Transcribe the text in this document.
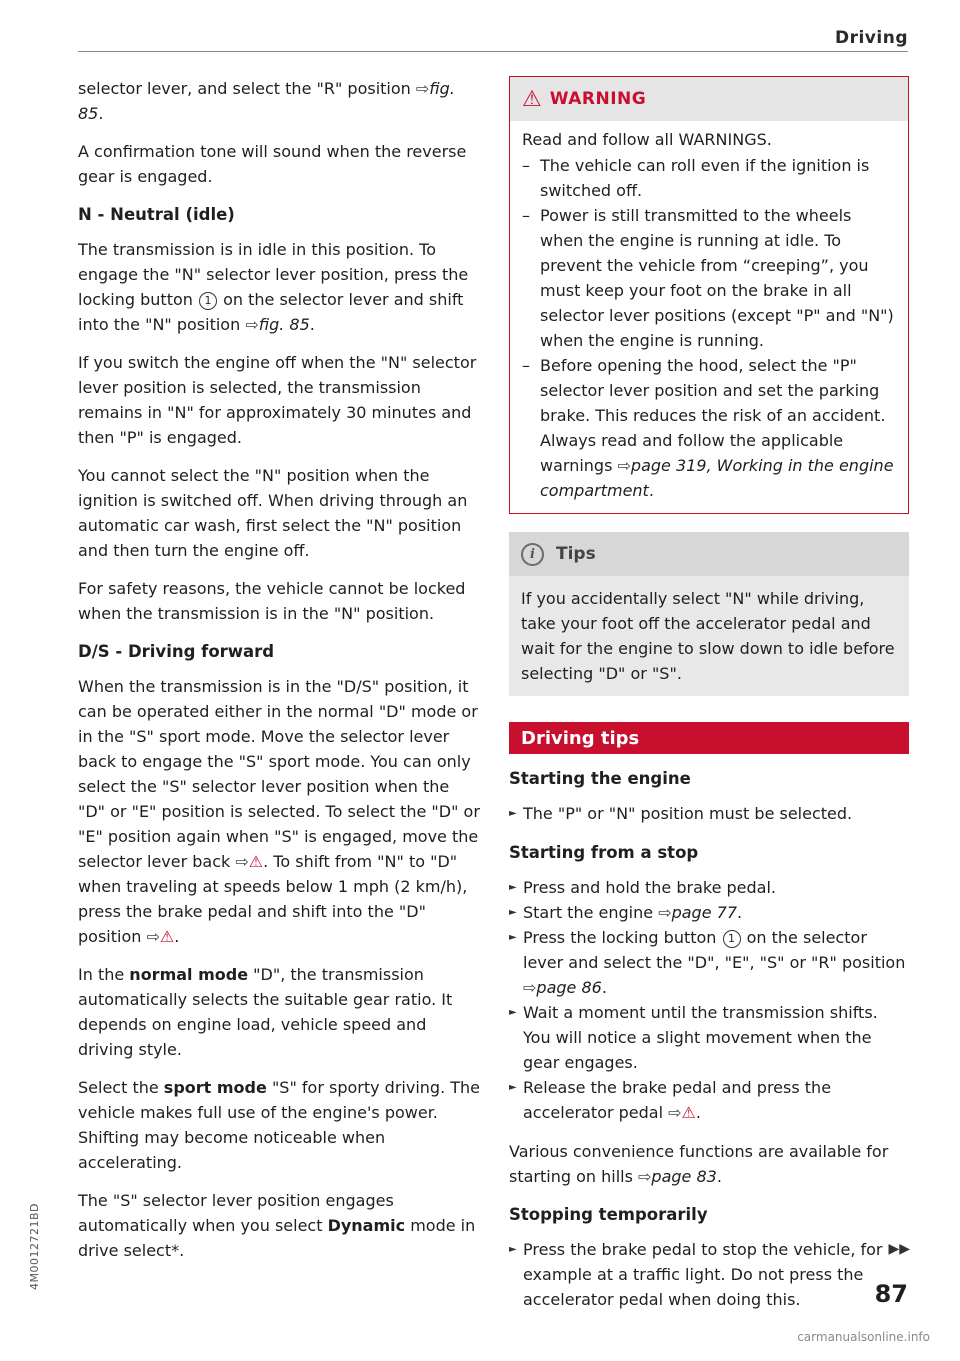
Driving

selector lever, and select the "R" position ⇨fig. 85.

A confirmation tone will sound when the reverse gear is engaged.

N - Neutral (idle)

The transmission is in idle in this position. To engage the "N" selector lever position, press the locking button 1 on the selector lever and shift into the "N" position ⇨fig. 85.

If you switch the engine off when the "N" selector lever position is selected, the transmission remains in "N" for approximately 30 minutes and then "P" is engaged.

You cannot select the "N" position when the ignition is switched off. When driving through an automatic car wash, first select the "N" position and then turn the engine off.

For safety reasons, the vehicle cannot be locked when the transmission is in the "N" position.

D/S - Driving forward

When the transmission is in the "D/S" position, it can be operated either in the normal "D" mode or in the "S" sport mode. Move the selector lever back to engage the "S" sport mode. You can only select the "S" selector lever position when the "D" or "E" position is selected. To select the "D" or "E" position again when "S" is engaged, move the selector lever back ⇨⚠. To shift from "N" to "D" when traveling at speeds below 1 mph (2 km/h), press the brake pedal and shift into the "D" position ⇨⚠.

In the normal mode "D", the transmission automatically selects the suitable gear ratio. It depends on engine load, vehicle speed and driving style.

Select the sport mode "S" for sporty driving. The vehicle makes full use of the engine's power. Shifting may become noticeable when accelerating.

The "S" selector lever position engages automatically when you select Dynamic mode in drive select*.

⚠ WARNING

Read and follow all WARNINGS.

– The vehicle can roll even if the ignition is switched off.
– Power is still transmitted to the wheels when the engine is running at idle. To prevent the vehicle from “creeping”, you must keep your foot on the brake in all selector lever positions (except "P" and "N") when the engine is running.
– Before opening the hood, select the "P" selector lever position and set the parking brake. This reduces the risk of an accident. Always read and follow the applicable warnings ⇨page 319, Working in the engine compartment.
i	Tips
If you accidentally select "N" while driving, take your foot off the accelerator pedal and wait for the engine to slow down to idle before selecting "D" or "S".
Driving tips
Starting the engine
► The "P" or "N" position must be selected.
Starting from a stop
► Press and hold the brake pedal.
► Start the engine ⇨page 77.
► Press the locking button 1 on the selector lever and select the "D", "E", "S" or "R" position ⇨page 86.
► Wait a moment until the transmission shifts. You will notice a slight movement when the gear engages.
► Release the brake pedal and press the accelerator pedal ⇨⚠.

Various convenience functions are available for starting on hills ⇨page 83.

Stopping temporarily
► Press the brake pedal to stop the vehicle, for example at a traffic light. Do not press the accelerator pedal when doing this.
▶▶
87
4M0012721BD
carmanualsonline.info
